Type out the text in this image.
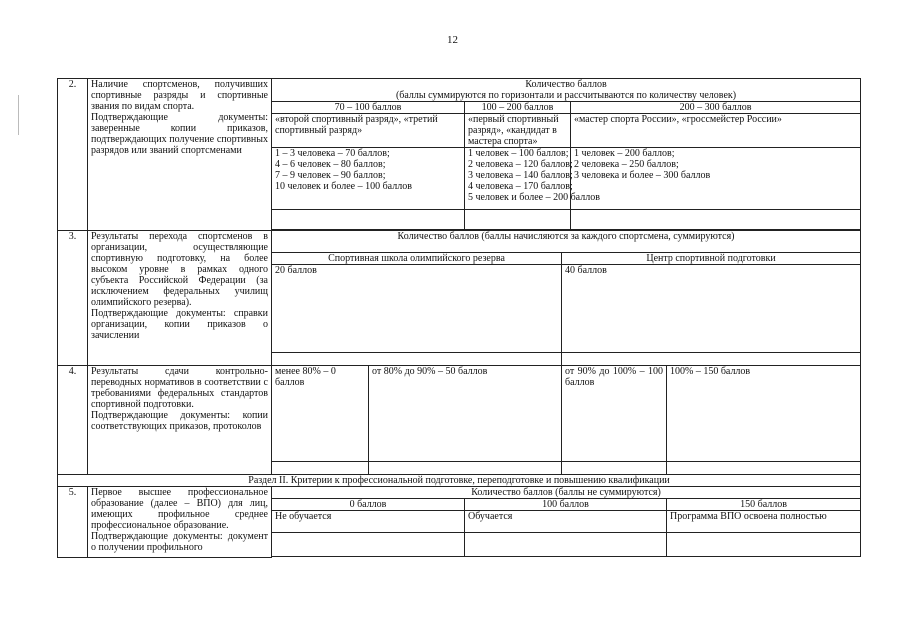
12
2.	Наличие спортсменов, получивших спортивные разряды и спортивные звания по видам спорта.
Подтверждающие документы: заверенные копии приказов, подтверждающих получение спортивных разрядов или званий спортсменами	Количество баллов
(баллы суммируются по горизонтали и рассчитываются по количеству человек)					

		70 – 100 баллов		100 – 200 баллов		200 – 300 баллов	
		«второй спортивный разряд», «третий спортивный разряд»		«первый спортивный разряд», «кандидат в мастера спорта»		«мастер спорта России», «гроссмейстер России»	

		1 – 3 человека – 70 баллов;
4 – 6 человек – 80 баллов;
7 – 9 человек – 90 баллов;
10 человек и более – 100 баллов		1 человек – 100 баллов;
2 человека – 120 баллов;
3 человека – 140 баллов;
4 человека – 170 баллов;
5 человек и более – 200 баллов		1 человек – 200 баллов;
2 человека – 250 баллов;
3 человека и более – 300 баллов	

3.	Результаты перехода спортсменов в организации, осуществляющие спортивную подготовку, на более высоком уровне в рамках одного субъекта Российской Федерации (за исключением федеральных училищ олимпийского резерва).
Подтверждающие документы: справки организации, копии приказов о зачислении	Количество баллов (баллы начисляются за каждого спортсмена, суммируются)					
		Спортивная школа олимпийского резерва			Центр спортивной подготовки		
		20 баллов			40 баллов		

4.	Результаты сдачи контрольно-переводных нормативов в соответствии с требованиями федеральных стандартов спортивной подготовки.
Подтверждающие документы: копии соответствующих приказов, протоколов	менее 80% – 0 баллов	от 80% до 90% – 50 баллов		от 90% до 100% – 100 баллов		100% – 150 баллов

Раздел II. Критерии к профессиональной подготовке, переподготовке и повышению квалификации							
5.	Первое высшее профессиональное образование (далее – ВПО) для лиц, имеющих профильное среднее профессиональное образование.
Подтверждающие документы: документ о получении профильного	Количество баллов (баллы не суммируются)					
		0 баллов		100 баллов			150 баллов
		Не обучается		Обучается			Программа ВПО освоена полностью
